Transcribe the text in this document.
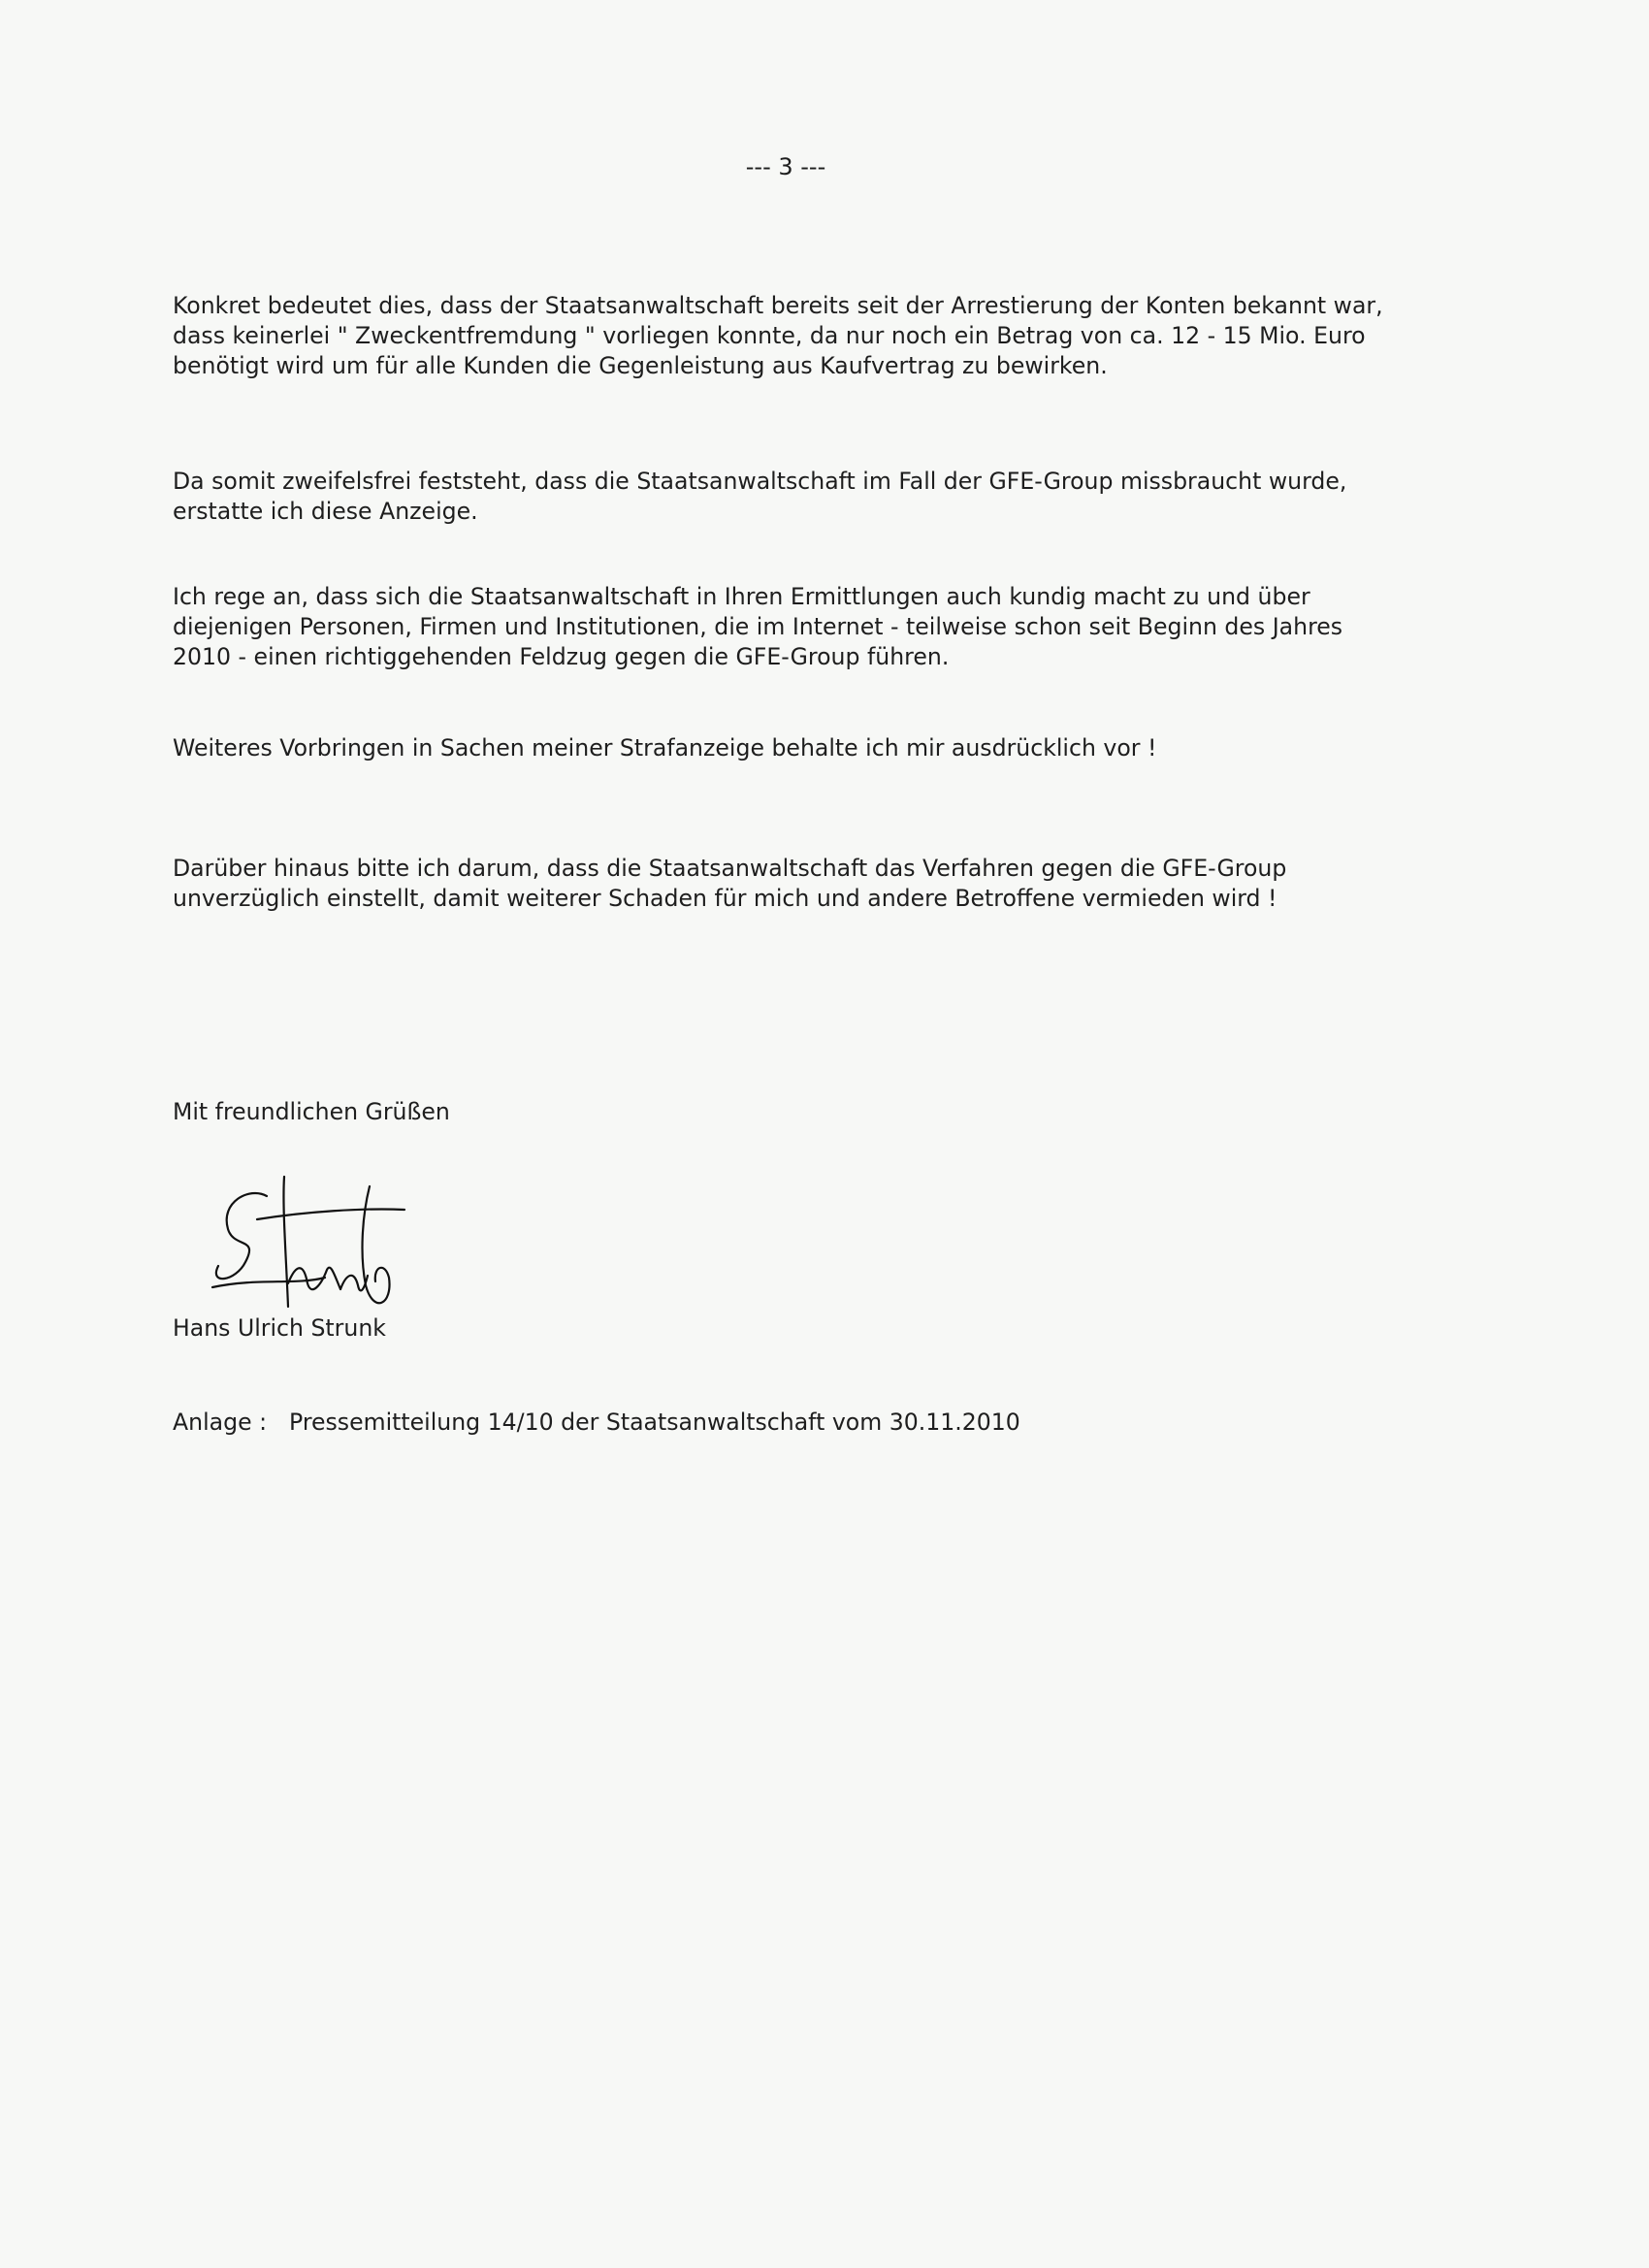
--- 3 ---

Konkret bedeutet dies, dass der Staatsanwaltschaft bereits seit der Arrestierung der Konten bekannt war,
dass keinerlei " Zweckentfremdung " vorliegen konnte, da nur noch ein Betrag von ca. 12 - 15 Mio. Euro
benötigt wird um für alle Kunden die Gegenleistung aus Kaufvertrag zu bewirken.

Da somit zweifelsfrei feststeht, dass die Staatsanwaltschaft im Fall der GFE-Group missbraucht wurde,
erstatte ich diese Anzeige.

Ich rege an, dass sich die Staatsanwaltschaft in Ihren Ermittlungen auch kundig macht zu und über
diejenigen Personen, Firmen und Institutionen, die im Internet - teilweise schon seit Beginn des Jahres
2010 - einen richtiggehenden Feldzug gegen die GFE-Group führen.

Weiteres Vorbringen in Sachen meiner Strafanzeige behalte ich mir ausdrücklich vor !

Darüber hinaus bitte ich darum, dass die Staatsanwaltschaft das Verfahren gegen die GFE-Group
unverzüglich einstellt, damit weiterer Schaden für mich und andere Betroffene vermieden wird !

Mit freundlichen Grüßen
Hans Ulrich Strunk
Anlage : Pressemitteilung 14/10 der Staatsanwaltschaft vom 30.11.2010
